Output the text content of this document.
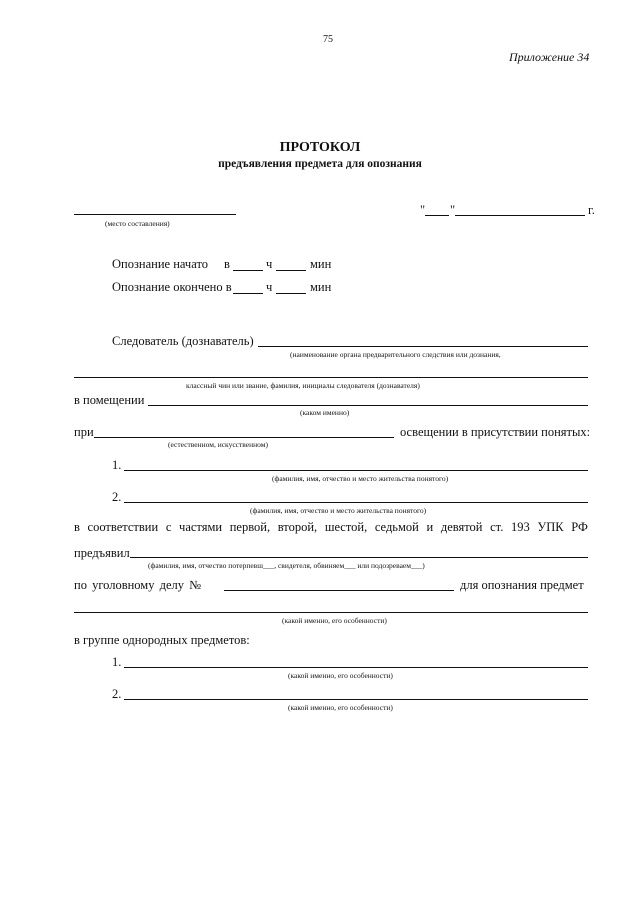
75
Приложение 34
ПРОТОКОЛ
предъявления предмета для опознания
(место составления)
" "	г.
Опознание начато в	ч	мин
Опознание окончено в	ч	мин
Следователь (дознаватель)
(наименование органа предварительного следствия или дознания,
классный чин или звание, фамилия, инициалы следователя (дознавателя)
в помещении
(каком именно)
при	освещении в присутствии понятых:
(естественном, искусственном)
1.
(фамилия, имя, отчество и место жительства понятого)
2.
(фамилия, имя, отчество и место жительства понятого)
в соответствии с частями первой, второй, шестой, седьмой и девятой ст. 193 УПК РФ
предъявил
(фамилия, имя, отчество потерпевш___, свидетеля, обвиняем___ или подозреваем___)
по уголовному делу №	для опознания предмет
(какой именно, его особенности)
в группе однородных предметов:
1.
(какой именно, его особенности)
2.
(какой именно, его особенности)
